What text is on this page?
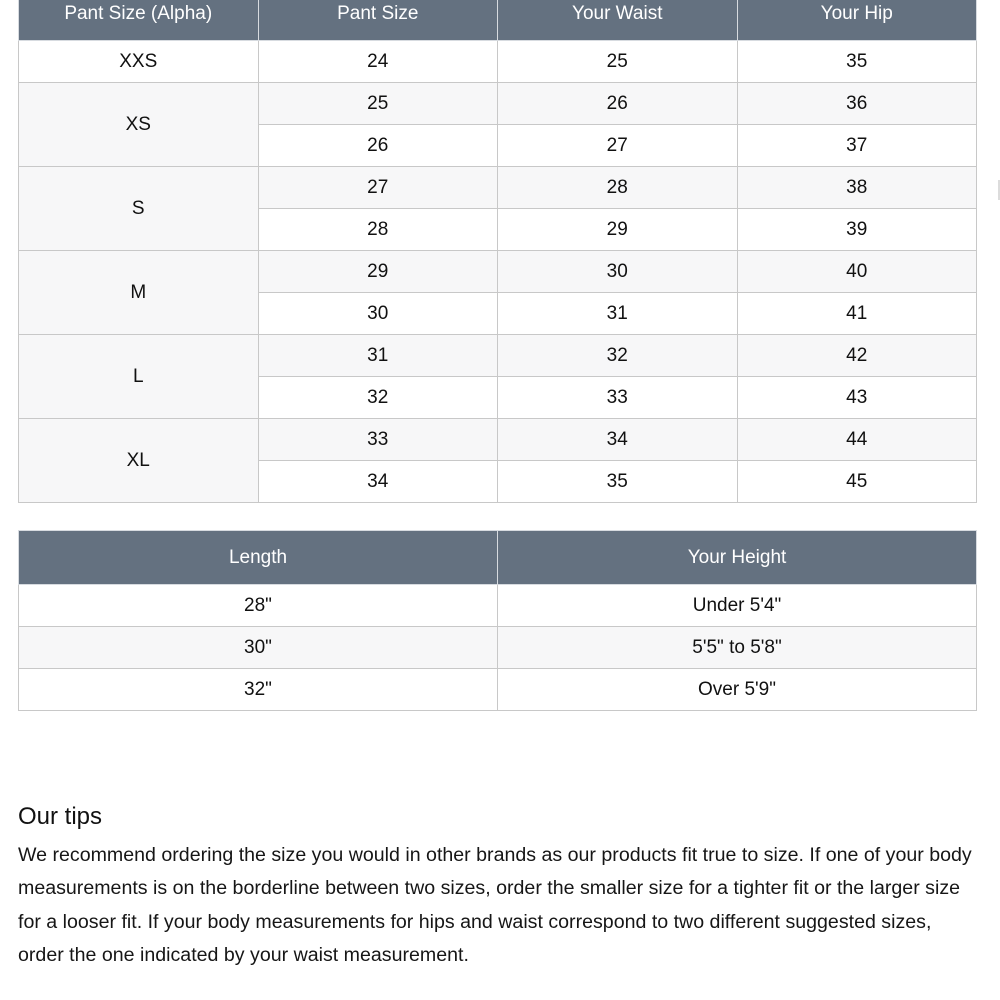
Pant Size (Alpha)	Pant Size	Your Waist	Your Hip
XXS	24	25	35
XS	25	26	36
	26	27	37
S	27	28	38
	28	29	39
M	29	30	40
	30	31	41
L	31	32	42
	32	33	43
XL	33	34	44
	34	35	45
Length	Your Height
28"	Under 5'4"
30"	5'5" to 5'8"
32"	Over 5'9"
Our tips

We recommend ordering the size you would in other brands as our products fit true to size. If one of your body measurements is on the borderline between two sizes, order the smaller size for a tighter fit or the larger size for a looser fit. If your body measurements for hips and waist correspond to two different suggested sizes, order the one indicated by your waist measurement.
